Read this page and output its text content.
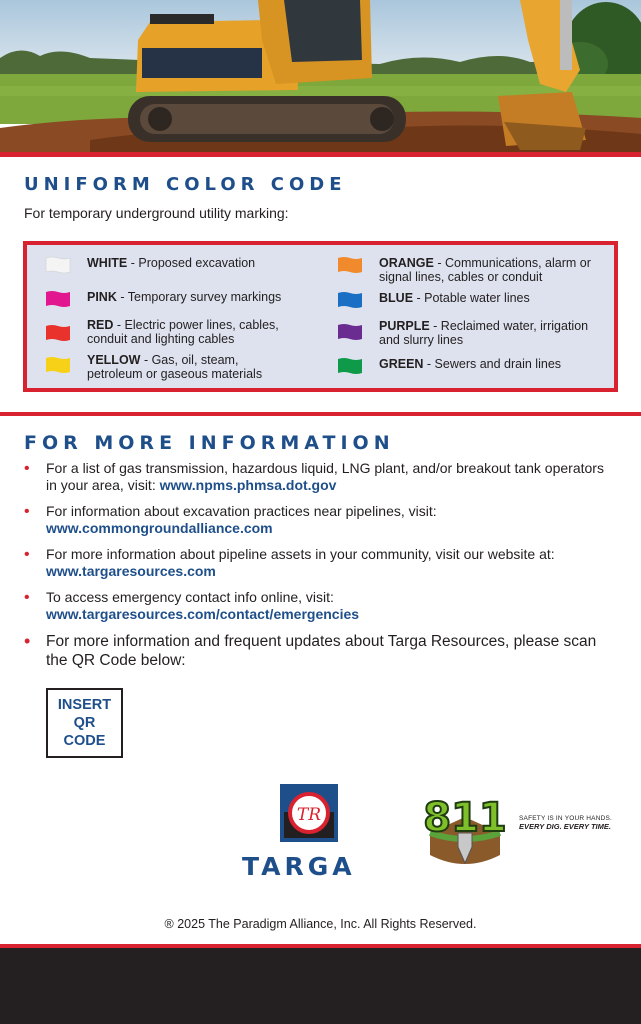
UNIFORM COLOR CODE

For temporary underground utility marking:

WHITE - Proposed excavation
PINK - Temporary survey markings
RED - Electric power lines, cables, conduit and lighting cables
YELLOW - Gas, oil, steam, petroleum or gaseous materials
ORANGE - Communications, alarm or signal lines, cables or conduit
BLUE - Potable water lines
PURPLE - Reclaimed water, irrigation and slurry lines
GREEN - Sewers and drain lines
FOR MORE INFORMATION
• For a list of gas transmission, hazardous liquid, LNG plant, and/or breakout tank operators in your area, visit: www.npms.phmsa.dot.gov
• For information about excavation practices near pipelines, visit:
www.commongroundalliance.com
• For more information about pipeline assets in your community, visit our website at:
www.targaresources.com
• To access emergency contact info online, visit:
www.targaresources.com/contact/emergencies
• For more information and frequent updates about Targa Resources, please scan the QR Code below:
INSERT
QR
CODE
TR
TARGA
811 SAFETY IS IN YOUR HANDS.
EVERY DIG. EVERY TIME.
® 2025 The Paradigm Alliance, Inc. All Rights Reserved.
